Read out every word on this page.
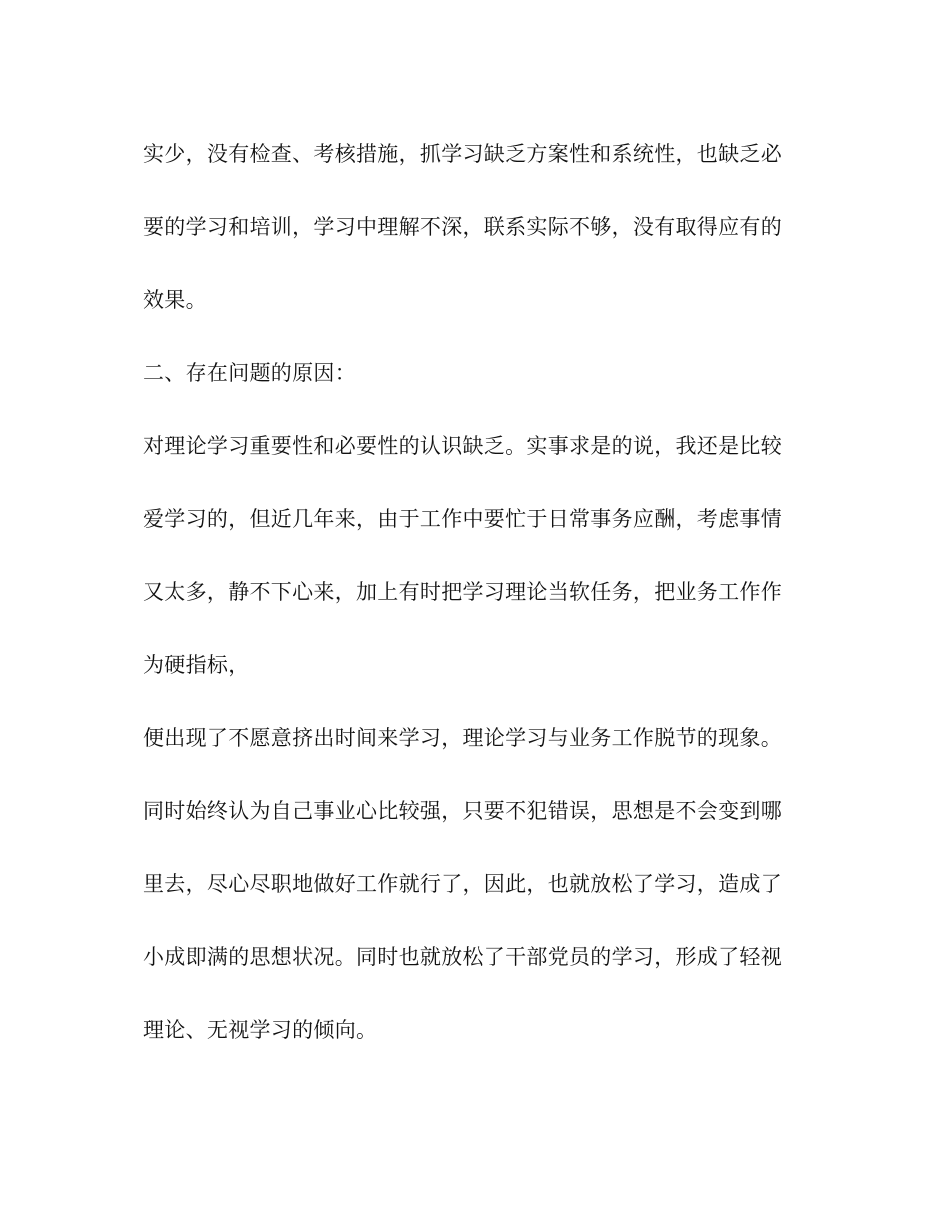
实少，没有检查、考核措施，抓学习缺乏方案性和系统性，也缺乏必
要的学习和培训，学习中理解不深，联系实际不够，没有取得应有的
效果。
二、存在问题的原因：
对理论学习重要性和必要性的认识缺乏。实事求是的说，我还是比较
爱学习的，但近几年来，由于工作中要忙于日常事务应酬，考虑事情
又太多，静不下心来，加上有时把学习理论当软任务，把业务工作作
为硬指标，
便出现了不愿意挤出时间来学习，理论学习与业务工作脱节的现象。
同时始终认为自己事业心比较强，只要不犯错误，思想是不会变到哪
里去，尽心尽职地做好工作就行了，因此，也就放松了学习，造成了
小成即满的思想状况。同时也就放松了干部党员的学习，形成了轻视
理论、无视学习的倾向。
